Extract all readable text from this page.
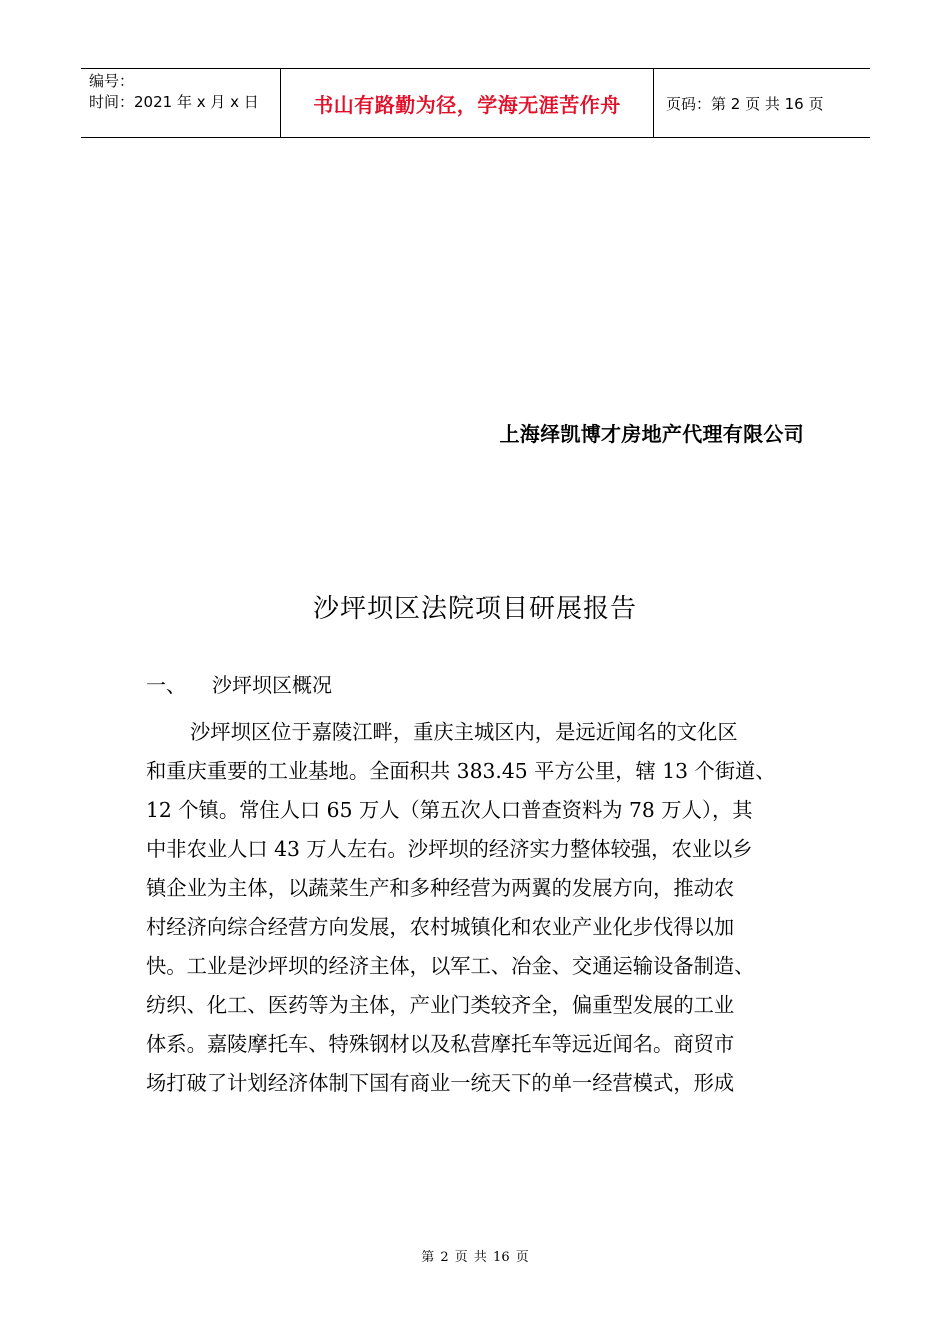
编号：
时间：2021 年 x 月 x 日	书山有路勤为径，学海无涯苦作舟	页码：第 2 页 共 16 页
上海绎凯博才房地产代理有限公司
沙坪坝区法院项目研展报告
一、	沙坪坝区概况
沙坪坝区位于嘉陵江畔，重庆主城区内，是远近闻名的文化区
和重庆重要的工业基地。全面积共 383.45 平方公里，辖 13 个街道、
12 个镇。常住人口 65 万人（第五次人口普查资料为 78 万人），其
中非农业人口 43 万人左右。沙坪坝的经济实力整体较强，农业以乡
镇企业为主体，以蔬菜生产和多种经营为两翼的发展方向，推动农
村经济向综合经营方向发展，农村城镇化和农业产业化步伐得以加
快。工业是沙坪坝的经济主体，以军工、冶金、交通运输设备制造、
纺织、化工、医药等为主体，产业门类较齐全，偏重型发展的工业
体系。嘉陵摩托车、特殊钢材以及私营摩托车等远近闻名。商贸市
场打破了计划经济体制下国有商业一统天下的单一经营模式，形成
第 2 页 共 16 页
